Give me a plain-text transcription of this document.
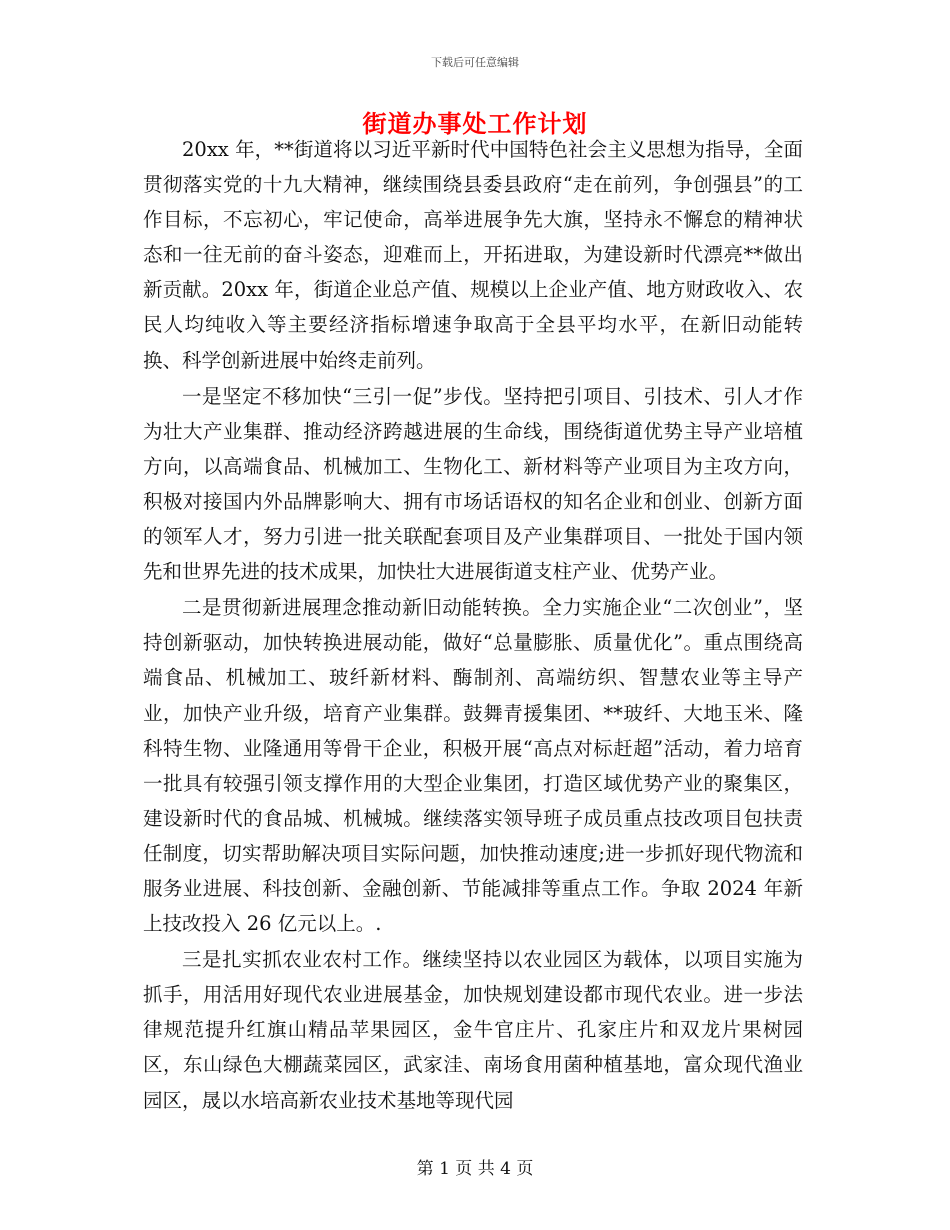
下载后可任意编辑
街道办事处工作计划

20xx 年，**街道将以习近平新时代中国特色社会主义思想为指导，全面贯彻落实党的十九大精神，继续围绕县委县政府“走在前列，争创强县”的工作目标，不忘初心，牢记使命，高举进展争先大旗，坚持永不懈怠的精神状态和一往无前的奋斗姿态，迎难而上，开拓进取，为建设新时代漂亮**做出新贡献。20xx 年，街道企业总产值、规模以上企业产值、地方财政收入、农民人均纯收入等主要经济指标增速争取高于全县平均水平，在新旧动能转换、科学创新进展中始终走前列。

一是坚定不移加快“三引一促”步伐。坚持把引项目、引技术、引人才作为壮大产业集群、推动经济跨越进展的生命线，围绕街道优势主导产业培植方向，以高端食品、机械加工、生物化工、新材料等产业项目为主攻方向，积极对接国内外品牌影响大、拥有市场话语权的知名企业和创业、创新方面的领军人才，努力引进一批关联配套项目及产业集群项目、一批处于国内领先和世界先进的技术成果，加快壮大进展街道支柱产业、优势产业。

二是贯彻新进展理念推动新旧动能转换。全力实施企业“二次创业”，坚持创新驱动，加快转换进展动能，做好“总量膨胀、质量优化”。重点围绕高端食品、机械加工、玻纤新材料、酶制剂、高端纺织、智慧农业等主导产业，加快产业升级，培育产业集群。鼓舞青援集团、**玻纤、大地玉米、隆科特生物、业隆通用等骨干企业，积极开展“高点对标赶超”活动，着力培育一批具有较强引领支撑作用的大型企业集团，打造区域优势产业的聚集区，建设新时代的食品城、机械城。继续落实领导班子成员重点技改项目包扶责任制度，切实帮助解决项目实际问题，加快推动速度;进一步抓好现代物流和服务业进展、科技创新、金融创新、节能减排等重点工作。争取 2024 年新上技改投入 26 亿元以上。.

三是扎实抓农业农村工作。继续坚持以农业园区为载体，以项目实施为抓手，用活用好现代农业进展基金，加快规划建设都市现代农业。进一步法律规范提升红旗山精品苹果园区，金牛官庄片、孔家庄片和双龙片果树园区，东山绿色大棚蔬菜园区，武家洼、南场食用菌种植基地，富众现代渔业园区，晟以水培高新农业技术基地等现代园

第 1 页 共 4 页
